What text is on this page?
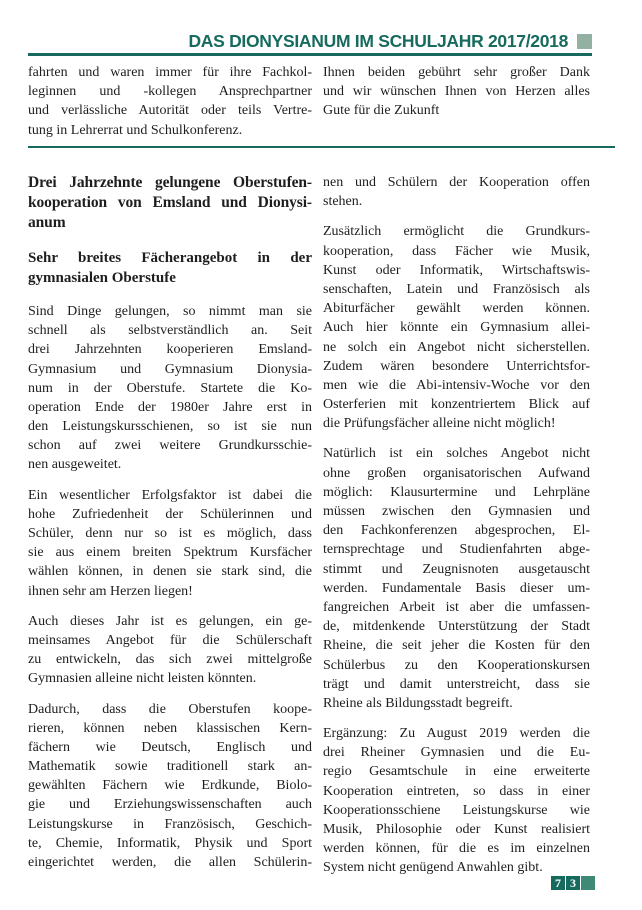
DAS DIONYSIANUM IM SCHULJAHR 2017/2018
fahrten und waren immer für ihre Fachkol-
leginnen und -kollegen Ansprechpartner
und verlässliche Autorität oder teils Vertre-
tung in Lehrerrat und Schulkonferenz.
Ihnen beiden gebührt sehr großer Dank
und wir wünschen Ihnen von Herzen alles
Gute für die Zukunft
Drei Jahrzehnte gelungene Oberstufen-
kooperation von Emsland und Dionysi-
anum
Sehr breites Fächerangebot in der
gymnasialen Oberstufe
Sind Dinge gelungen, so nimmt man sie
schnell als selbstverständlich an. Seit
drei Jahrzehnten kooperieren Emsland-
Gymnasium und Gymnasium Dionysia-
num in der Oberstufe. Startete die Ko-
operation Ende der 1980er Jahre erst in
den Leistungskursschienen, so ist sie nun
schon auf zwei weitere Grundkursschie-
nen ausgeweitet.
Ein wesentlicher Erfolgsfaktor ist dabei die
hohe Zufriedenheit der Schülerinnen und
Schüler, denn nur so ist es möglich, dass
sie aus einem breiten Spektrum Kursfächer
wählen können, in denen sie stark sind, die
ihnen sehr am Herzen liegen!
Auch dieses Jahr ist es gelungen, ein ge-
meinsames Angebot für die Schülerschaft
zu entwickeln, das sich zwei mittelgroße
Gymnasien alleine nicht leisten könnten.
Dadurch, dass die Oberstufen koope-
rieren, können neben klassischen Kern-
fächern wie Deutsch, Englisch und
Mathematik sowie traditionell stark an-
gewählten Fächern wie Erdkunde, Biolo-
gie und Erziehungswissenschaften auch
Leistungskurse in Französisch, Geschich-
te, Chemie, Informatik, Physik und Sport
eingerichtet werden, die allen Schülerin-
nen und Schülern der Kooperation offen
stehen.
Zusätzlich ermöglicht die Grundkurs-
kooperation, dass Fächer wie Musik,
Kunst oder Informatik, Wirtschaftswis-
senschaften, Latein und Französisch als
Abiturfächer gewählt werden können.
Auch hier könnte ein Gymnasium allei-
ne solch ein Angebot nicht sicherstellen.
Zudem wären besondere Unterrichtsfor-
men wie die Abi-intensiv-Woche vor den
Osterferien mit konzentriertem Blick auf
die Prüfungsfächer alleine nicht möglich!
Natürlich ist ein solches Angebot nicht
ohne großen organisatorischen Aufwand
möglich: Klausurtermine und Lehrpläne
müssen zwischen den Gymnasien und
den Fachkonferenzen abgesprochen, El-
ternsprechtage und Studienfahrten abge-
stimmt und Zeugnisnoten ausgetauscht
werden. Fundamentale Basis dieser um-
fangreichen Arbeit ist aber die umfassen-
de, mitdenkende Unterstützung der Stadt
Rheine, die seit jeher die Kosten für den
Schülerbus zu den Kooperationskursen
trägt und damit unterstreicht, dass sie
Rheine als Bildungsstadt begreift.
Ergänzung: Zu August 2019 werden die
drei Rheiner Gymnasien und die Eu-
regio Gesamtschule in eine erweiterte
Kooperation eintreten, so dass in einer
Kooperationsschiene Leistungskurse wie
Musik, Philosophie oder Kunst realisiert
werden können, für die es im einzelnen
System nicht genügend Anwahlen gibt.
7 3
